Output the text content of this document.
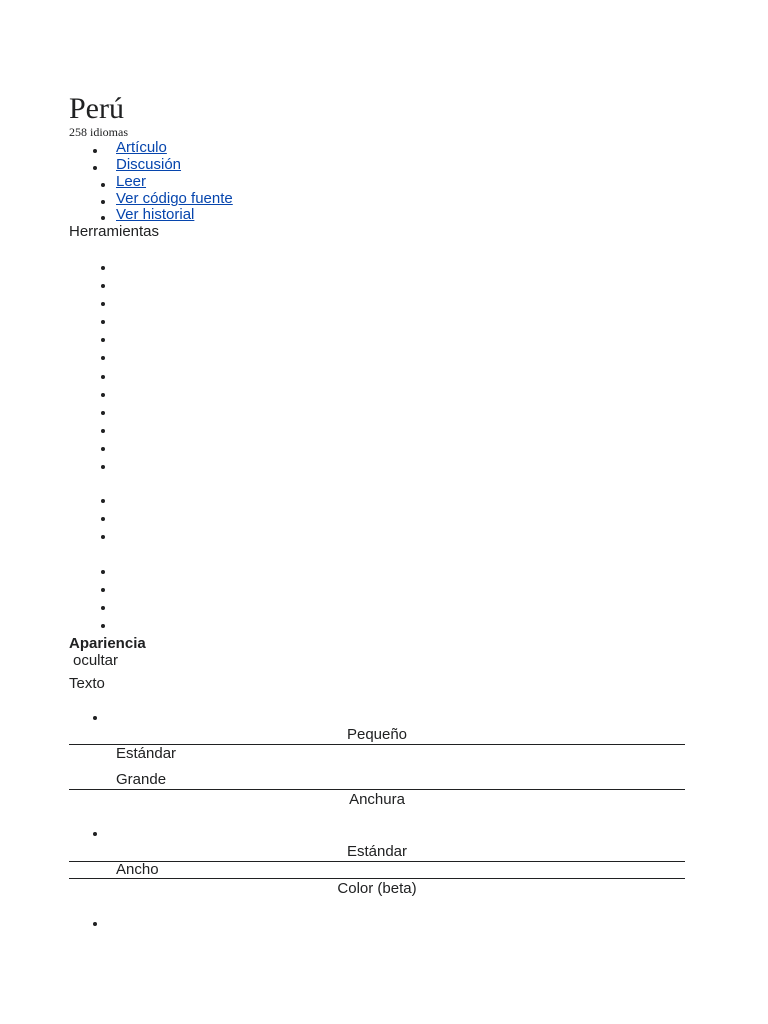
Perú
258 idiomas
Artículo
Discusión
Leer
Ver código fuente
Ver historial
Herramientas
Apariencia
ocultar
Texto
Pequeño
Estándar
Grande
Anchura
Estándar
Ancho
Color (beta)
